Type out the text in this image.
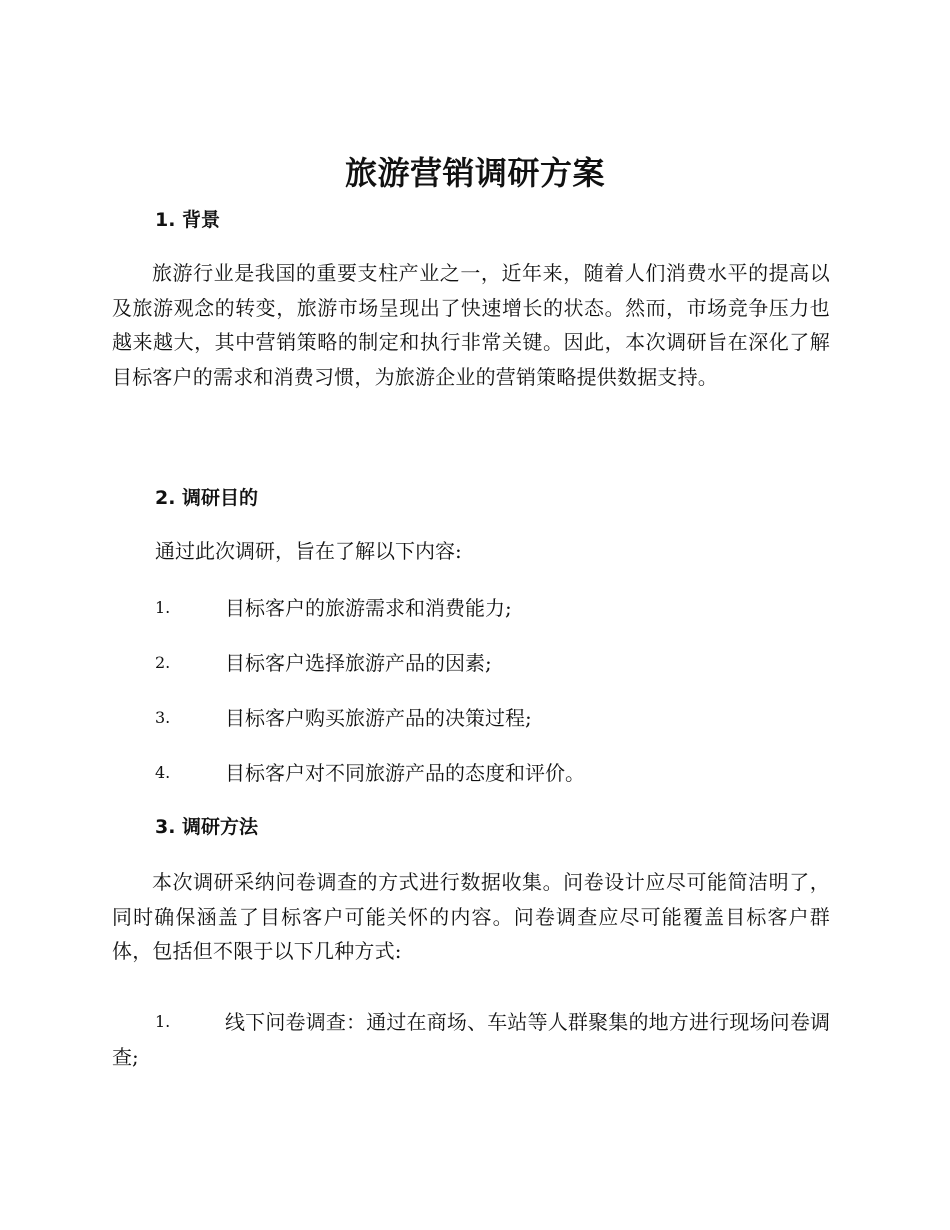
旅游营销调研方案
1. 背景
旅游行业是我国的重要支柱产业之一，近年来，随着人们消费水平的提高以及旅游观念的转变，旅游市场呈现出了快速增长的状态。然而，市场竞争压力也越来越大，其中营销策略的制定和执行非常关键。因此，本次调研旨在深化了解目标客户的需求和消费习惯，为旅游企业的营销策略提供数据支持。
2. 调研目的
通过此次调研，旨在了解以下内容:
1.	目标客户的旅游需求和消费能力;
2.	目标客户选择旅游产品的因素;
3.	目标客户购买旅游产品的决策过程;
4.	目标客户对不同旅游产品的态度和评价。
3. 调研方法
本次调研采纳问卷调查的方式进行数据收集。问卷设计应尽可能简洁明了，同时确保涵盖了目标客户可能关怀的内容。问卷调查应尽可能覆盖目标客户群体，包括但不限于以下几种方式:
1.	线下问卷调查：通过在商场、车站等人群聚集的地方进行现场问卷调查;
